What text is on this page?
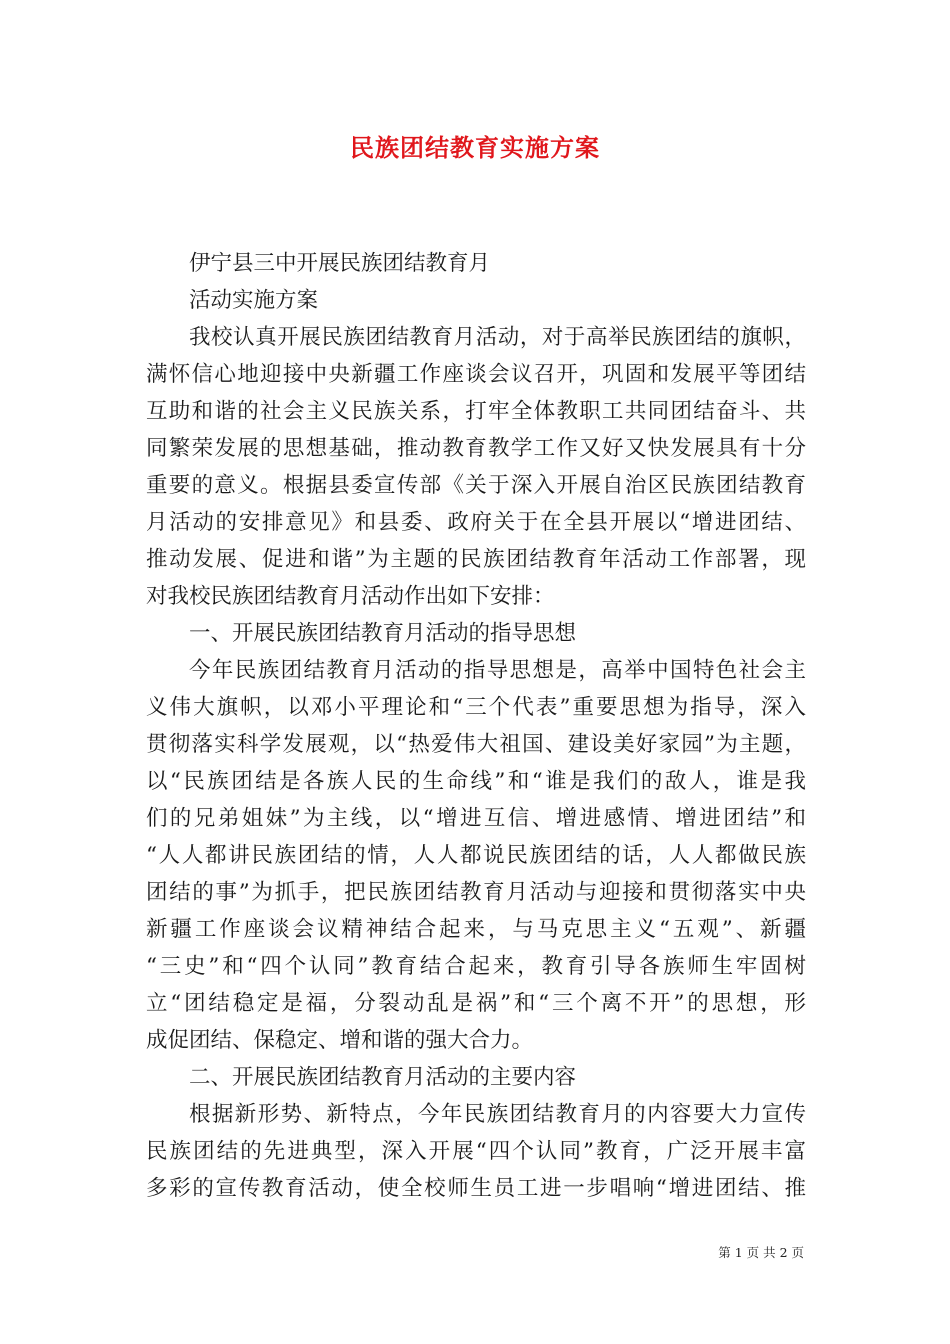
民族团结教育实施方案
伊宁县三中开展民族团结教育月
活动实施方案
我校认真开展民族团结教育月活动，对于高举民族团结的旗帜，
满怀信心地迎接中央新疆工作座谈会议召开，巩固和发展平等团结
互助和谐的社会主义民族关系，打牢全体教职工共同团结奋斗、共
同繁荣发展的思想基础，推动教育教学工作又好又快发展具有十分
重要的意义。根据县委宣传部《关于深入开展自治区民族团结教育
月活动的安排意见》和县委、政府关于在全县开展以“增进团结、
推动发展、促进和谐”为主题的民族团结教育年活动工作部署，现
对我校民族团结教育月活动作出如下安排：
一、开展民族团结教育月活动的指导思想
今年民族团结教育月活动的指导思想是，高举中国特色社会主
义伟大旗帜，以邓小平理论和“三个代表”重要思想为指导，深入
贯彻落实科学发展观，以“热爱伟大祖国、建设美好家园”为主题，
以“民族团结是各族人民的生命线”和“谁是我们的敌人，谁是我
们的兄弟姐妹”为主线，以“增进互信、增进感情、增进团结”和
“人人都讲民族团结的情，人人都说民族团结的话，人人都做民族
团结的事”为抓手，把民族团结教育月活动与迎接和贯彻落实中央
新疆工作座谈会议精神结合起来，与马克思主义“五观”、新疆
“三史”和“四个认同”教育结合起来，教育引导各族师生牢固树
立“团结稳定是福，分裂动乱是祸”和“三个离不开”的思想，形
成促团结、保稳定、增和谐的强大合力。
二、开展民族团结教育月活动的主要内容
根据新形势、新特点，今年民族团结教育月的内容要大力宣传
民族团结的先进典型，深入开展“四个认同”教育，广泛开展丰富
多彩的宣传教育活动，使全校师生员工进一步唱响“增进团结、推
第 1 页 共 2 页
